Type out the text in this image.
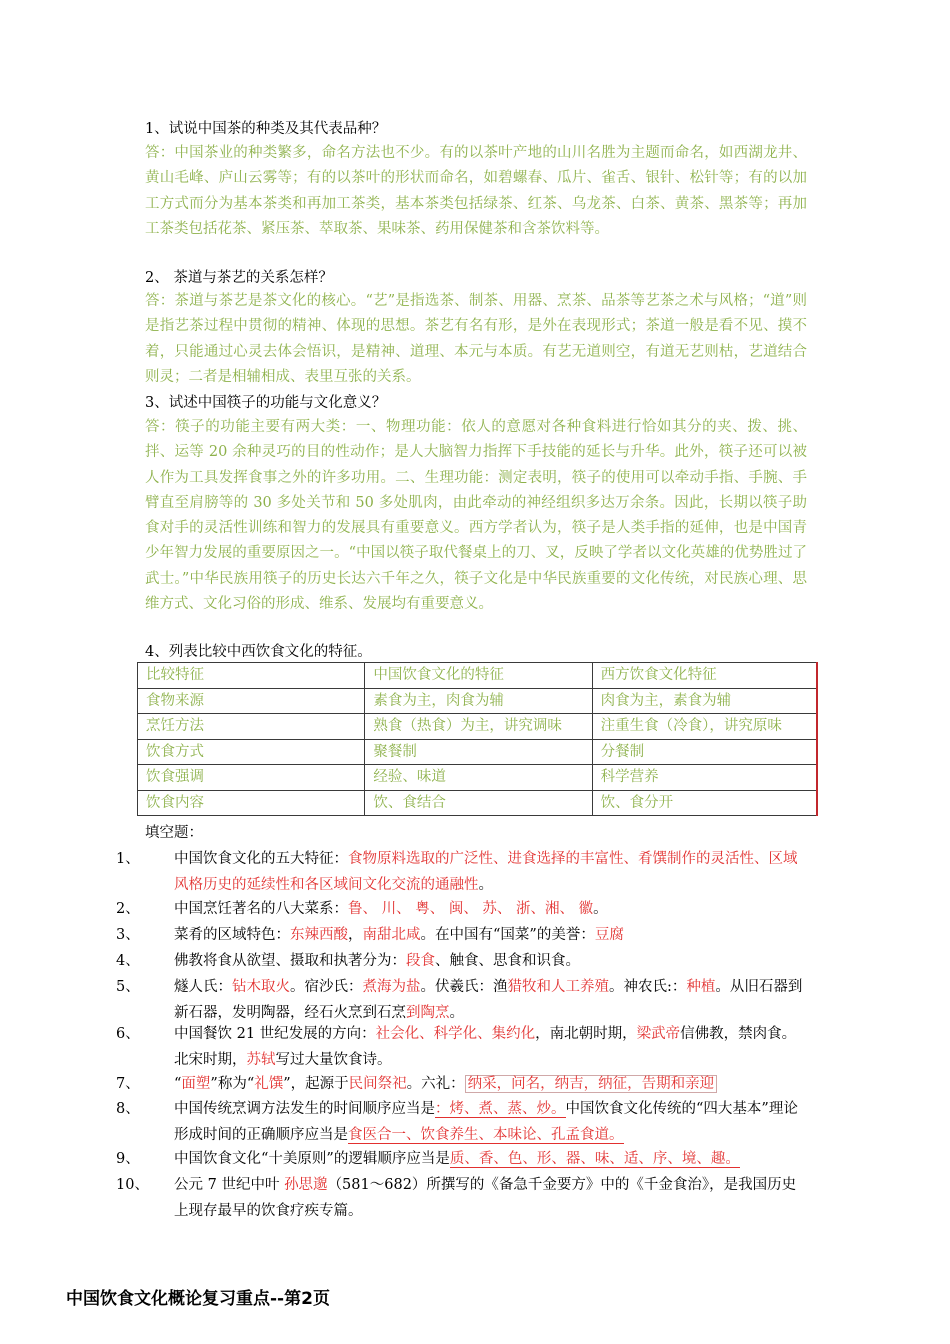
1、试说中国茶的种类及其代表品种？
答：中国茶业的种类繁多，命名方法也不少。有的以茶叶产地的山川名胜为主题而命名，如西湖龙井、黄山毛峰、庐山云雾等；有的以茶叶的形状而命名，如碧螺春、瓜片、雀舌、银针、松针等；有的以加工方式而分为基本茶类和再加工茶类，基本茶类包括绿茶、红茶、乌龙茶、白茶、黄茶、黑茶等；再加工茶类包括花茶、紧压茶、萃取茶、果味茶、药用保健茶和含茶饮料等。
2、 茶道与茶艺的关系怎样？
答：茶道与茶艺是茶文化的核心。“艺”是指选茶、制茶、用器、烹茶、品茶等艺茶之术与风格；“道”则是指艺茶过程中贯彻的精神、体现的思想。茶艺有名有形，是外在表现形式；茶道一般是看不见、摸不着，只能通过心灵去体会悟识，是精神、道理、本元与本质。有艺无道则空，有道无艺则枯，艺道结合则灵；二者是相辅相成、表里互张的关系。
3、试述中国筷子的功能与文化意义？
答：筷子的功能主要有两大类：一、物理功能：依人的意愿对各种食料进行恰如其分的夹、拨、挑、拌、运等 20 余种灵巧的目的性动作；是人大脑智力指挥下手技能的延长与升华。此外，筷子还可以被人作为工具发挥食事之外的许多功用。二、生理功能：测定表明，筷子的使用可以牵动手指、手腕、手臂直至肩膀等的 30 多处关节和 50 多处肌肉，由此牵动的神经组织多达万余条。因此，长期以筷子助食对手的灵活性训练和智力的发展具有重要意义。西方学者认为，筷子是人类手指的延伸，也是中国青少年智力发展的重要原因之一。“中国以筷子取代餐桌上的刀、叉，反映了学者以文化英雄的优势胜过了武士。”中华民族用筷子的历史长达六千年之久，筷子文化是中华民族重要的文化传统，对民族心理、思维方式、文化习俗的形成、维系、发展均有重要意义。
4、列表比较中西饮食文化的特征。
比较特征	中国饮食文化的特征	西方饮食文化特征
食物来源	素食为主，肉食为辅	肉食为主，素食为辅
烹饪方法	熟食（热食）为主，讲究调味	注重生食（冷食），讲究原味
饮食方式	聚餐制	分餐制
饮食强调	经验、味道	科学营养
饮食内容	饮、食结合	饮、食分开
填空题：
1、 中国饮食文化的五大特征：食物原料选取的广泛性、进食选择的丰富性、肴馔制作的灵活性、区域风格历史的延续性和各区域间文化交流的通融性。
2、 中国烹饪著名的八大菜系：鲁、 川、 粤、 闽、 苏、 浙、湘、 徽。
3、 菜肴的区域特色：东辣西酸，南甜北咸。在中国有“国菜”的美誉：豆腐
4、 佛教将食从欲望、摄取和执著分为：段食、触食、思食和识食。
5、 燧人氏：钻木取火。宿沙氏：煮海为盐。伏羲氏：渔猎牧和人工养殖。神农氏:：种植。从旧石器到新石器，发明陶器，经石火烹到石烹到陶烹。
6、 中国餐饮 21 世纪发展的方向：社会化、科学化、集约化，南北朝时期，梁武帝信佛教，禁肉食。北宋时期，苏轼写过大量饮食诗。
7、 “面塑”称为“礼馔”，起源于民间祭祀。六礼： 纳采，问名，纳吉，纳征，告期和亲迎
8、 中国传统烹调方法发生的时间顺序应当是：烤、煮、蒸、炒。中国饮食文化传统的“四大基本”理论形成时间的正确顺序应当是食医合一、饮食养生、本味论、孔孟食道。
9、 中国饮食文化“十美原则”的逻辑顺序应当是质、香、色、形、器、味、适、序、境、趣。
10、 公元 7 世纪中叶 孙思邈（581～682）所撰写的《备急千金要方》中的《千金食治》，是我国历史上现存最早的饮食疗疾专篇。
中国饮食文化概论复习重点--第2页
